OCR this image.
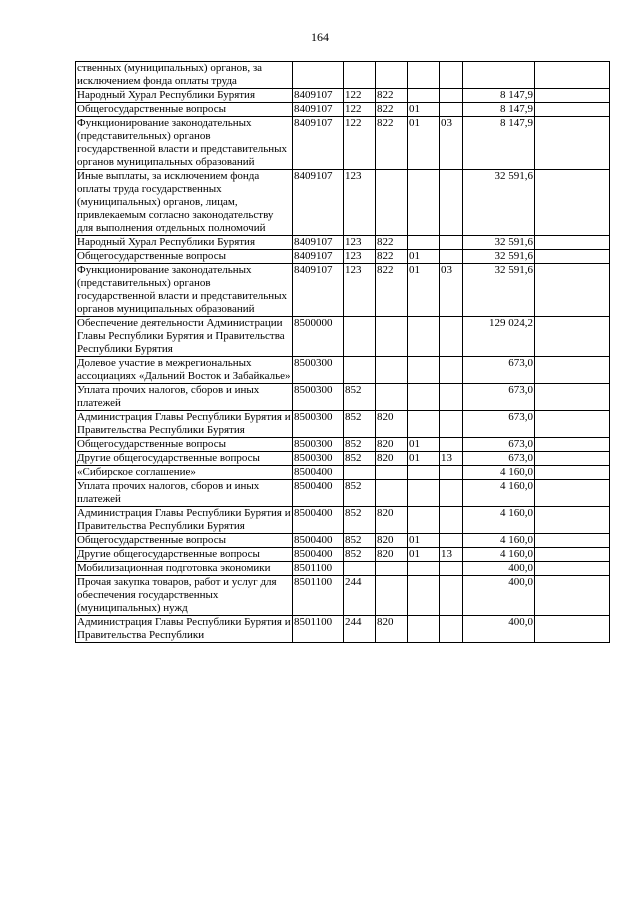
164
ственных (муниципальных) органов, за исключением фонда оплаты труда							
Народный Хурал Республики Бурятия	8409107	122	822			8 147,9	
Общегосударственные вопросы	8409107	122	822	01		8 147,9	
Функционирование законодательных (представительных) органов государственной власти и представительных органов муниципальных образований	8409107	122	822	01	03	8 147,9	
Иные выплаты, за исключением фонда оплаты труда государственных (муниципальных) органов, лицам, привлекаемым согласно законодательству для выполнения отдельных полномочий	8409107	123				32 591,6	
Народный Хурал Республики Бурятия	8409107	123	822			32 591,6	
Общегосударственные вопросы	8409107	123	822	01		32 591,6	
Функционирование законодательных (представительных) органов государственной власти и представительных органов муниципальных образований	8409107	123	822	01	03	32 591,6	
Обеспечение деятельности Администрации Главы Республики Бурятия и Правительства Республики Бурятия	8500000					129 024,2	
Долевое участие в межрегиональных ассоциациях «Дальний Восток и Забайкалье»	8500300					673,0	
Уплата прочих налогов, сборов и иных платежей	8500300	852				673,0	
Администрация Главы Республики Бурятия и Правительства Республики Бурятия	8500300	852	820			673,0	
Общегосударственные вопросы	8500300	852	820	01		673,0	
Другие общегосударственные вопросы	8500300	852	820	01	13	673,0	
«Сибирское соглашение»	8500400					4 160,0	
Уплата прочих налогов, сборов и иных платежей	8500400	852				4 160,0	
Администрация Главы Республики Бурятия и Правительства Республики Бурятия	8500400	852	820			4 160,0	
Общегосударственные вопросы	8500400	852	820	01		4 160,0	
Другие общегосударственные вопросы	8500400	852	820	01	13	4 160,0	
Мобилизационная подготовка экономики	8501100					400,0	
Прочая закупка товаров, работ и услуг для обеспечения государственных (муниципальных) нужд	8501100	244				400,0	
Администрация Главы Республики Бурятия и Правительства Республики	8501100	244	820			400,0	
